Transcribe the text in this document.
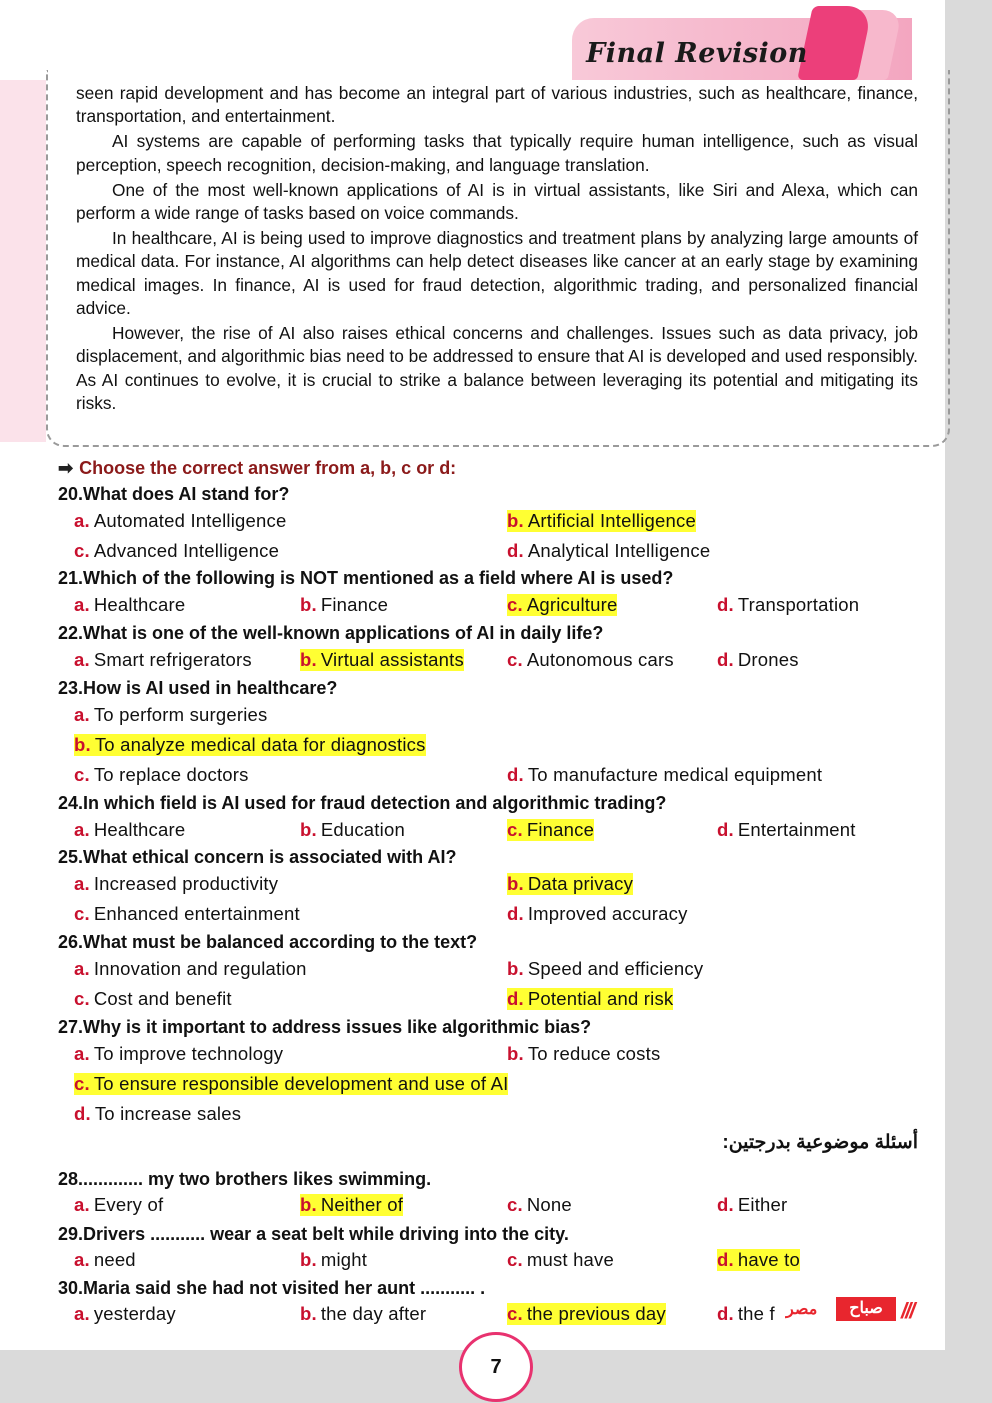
Final Revision

seen rapid development and has become an integral part of various industries, such as healthcare, finance, transportation, and entertainment.

AI systems are capable of performing tasks that typically require human intelligence, such as visual perception, speech recognition, decision-making, and language translation.

One of the most well-known applications of AI is in virtual assistants, like Siri and Alexa, which can perform a wide range of tasks based on voice commands.

In healthcare, AI is being used to improve diagnostics and treatment plans by analyzing large amounts of medical data. For instance, AI algorithms can help detect diseases like cancer at an early stage by examining medical images. In finance, AI is used for fraud detection, algorithmic trading, and personalized financial advice.

However, the rise of AI also raises ethical concerns and challenges. Issues such as data privacy, job displacement, and algorithmic bias need to be addressed to ensure that AI is developed and used responsibly. As AI continues to evolve, it is crucial to strike a balance between leveraging its potential and mitigating its risks.

➡ Choose the correct answer from a, b, c or d:
20.What does AI stand for?
a. Automated Intelligence	b. Artificial Intelligence
c. Advanced Intelligence	d. Analytical Intelligence
21.Which of the following is NOT mentioned as a field where AI is used?
a. Healthcare	b. Finance	c. Agriculture	d. Transportation
22.What is one of the well-known applications of AI in daily life?
a. Smart refrigerators	b. Virtual assistants c. Autonomous cars d. Drones
23.How is AI used in healthcare?
a. To perform surgeries
b. To analyze medical data for diagnostics
c. To replace doctors	d. To manufacture medical equipment
24.In which field is AI used for fraud detection and algorithmic trading?
a. Healthcare	b. Education	c. Finance	d. Entertainment
25.What ethical concern is associated with AI?
a. Increased productivity	b. Data privacy
c. Enhanced entertainment	d. Improved accuracy
26.What must be balanced according to the text?
a. Innovation and regulation	b. Speed and efficiency
c. Cost and benefit	d. Potential and risk
27.Why is it important to address issues like algorithmic bias?
a. To improve technology	b. To reduce costs
c. To ensure responsible development and use of AI
d. To increase sales
أسئلة موضوعية بدرجتين:
28............. my two brothers likes swimming.
a. Every of	b. Neither of	c. None	d. Either
29.Drivers ........... wear a seat belt while driving into the city.
a. need	b. might	c. must have	d. have to
30.Maria said she had not visited her aunt ........... .
a. yesterday	b. the day after	c. the previous day	d. the f مصر	صباح ///
7
